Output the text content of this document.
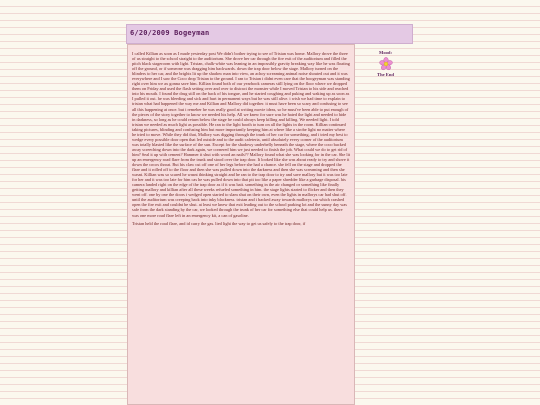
6/20/2009 Bogeyman

I called Killian as soon as I made yesterday post We didn't bother trying to see of Tristan was home. Mallory drove the three of us straight to the school straight to the auditorium. She drove her car through the fire exit of the auditorium and filled the pitch black stageroom with light. Tristan, chalk-white was leaning in an impossibly gravity breaking way like he was floating off the ground, or if someone was dragging him backwards. down the trap door below the stage. Mallory turned on the blinders to her car, and the brights lit up the shadow man into view, an achoy screaming animal noise shouted out and it was everywhere and I saw the Coco drop Tristan to the ground. I ran to Tristan i didnt even care that the boogeyman was standing right over him we ax gonna save him. Killian found both of our yearbook cameras still lying on the floor where we dropped them on Friday and used the flash setting over and over to distract the monster while I moved Tristan to his side and reached into his mouth. I found the drug still on the back of his tongue, and he started coughing and puking and waking up as soon as I pulled it out. he was bleeding and sick and hurt in permanent ways but he was still alive. i wish we had time to explain to tristan what had happened the way me and Killian and Mallory did together. it must have been so scary and confusing to see all this happening at once. but i remeber he was really good at writing movie ideas, so he must've been able to put enough of the pieces of the story together to know we needed his help. All we knew for sure was he hated the light and needed to hide in darkness, so long as he could return below the stage he could always keep killing and killing. We needed light. I told tristan we needed as much light as possible. He ran to the light booth to turn on all the lights in the room. Killian continued taking pictures, blinding and confusing him but more importantly keeping him at where like a strobe light no matter where he tried to move. While they did that, Mallory was digging through the trunk of her car for something, and i tried my best to wedge every possible door open that led outside and to the audit cafeteria, until absolutely every corner of the auditorium was totally blasted like the surface of the sun. Except for the shadowy underbelly beneath the stage, where the coco backed away screeching down into the dark again, we cornered him we just needed to finish the job. What could we do to get rid of him? Seal it up with cement? Hammer it shut with wood an nails?? Mallory found what she was looking for in the car. She lit up an emergency road flare from the trunk and stood over the trap door. It looked like she was about ready to try and shove it down the cocos throat. But his claw cut off one of her legs before she had a chance. she fell on the stage and dropped the flare and it rolled off to the floor and then she was pulled down into the darkness and then she was screaming and then she wasnt. Killian was so scared he wasnt thinking straight and he ran to the trap door to try and save mallory but it was too late for her and it was too late for him cas he was pulled down into that pit too like a paper shredder like a garbage disposal. his camera landed right on the edge of the trap door as if it was bait. something in the air changed or something like finally getting mallory and killian after all these weeks refueled something in him. the stage lights started to flicker and then they went off. one by one the doors i wedged open started to slam shut on their own, even the lights in mallorys car had shut off. until the auditorium was creeping back into inky blackness. tristan and i backed away towards mallorys car which crashed open the fire exit and couldnt be shut. at least we knew that exit leading out to the school parking lot and the sunny day was safe from the dark standing by the car, we looked through the trunk of her car for something else that could help us. there was one more road flare left in an emergency kit, a can of gasoline.

Tristan held the road flare, and id carry the gas. lied light the way to get us safely to the trap door, if

Mood:
The End
